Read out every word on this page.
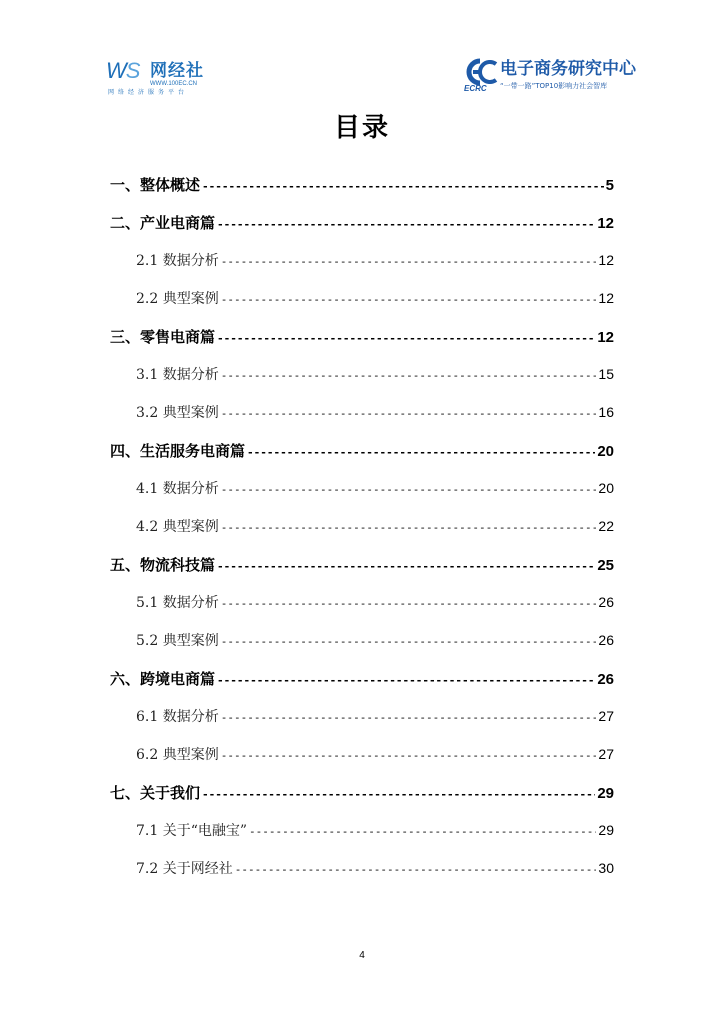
WS 网经社
WWW.100EC.CN
网络经济服务平台	ECRC
电子商务研究中心
“一带一路”TOP10影响力社会智库
目录
一、整体概述 -----	5
二、产业电商篇 -----	12
2.1 数据分析 -----	12
2.2 典型案例 -----	12
三、零售电商篇 -----	12
3.1 数据分析 -----	15
3.2 典型案例 -----	16
四、生活服务电商篇 -----	20
4.1 数据分析 -----	20
4.2 典型案例 -----	22
五、物流科技篇 -----	25
5.1 数据分析 -----	26
5.2 典型案例 -----	26
六、跨境电商篇 -----	26
6.1 数据分析 -----	27
6.2 典型案例 -----	27
七、关于我们 -----	29
7.1 关于“电融宝” -----	29
7.2 关于网经社 -----	30
4
